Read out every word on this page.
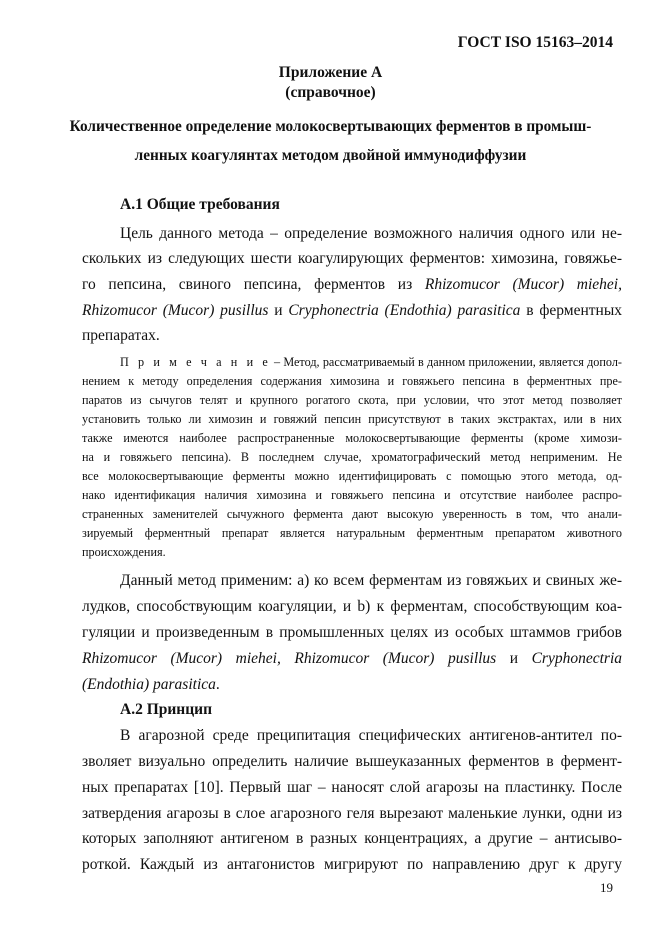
ГОСТ ISO 15163–2014
Приложение А
(справочное)
Количественное определение молокосвертывающих ферментов в промыш-
ленных коагулянтах методом двойной иммунодиффузии
А.1 Общие требования
Цель данного метода – определение возможного наличия одного или не-
скольких из следующих шести коагулирующих ферментов: химозина, говяжье-
го пепсина, свиного пепсина, ферментов из Rhizomucor (Mucor) miehei,
Rhizomucor (Mucor) pusillus и Cryphonectria (Endothia) parasitica в ферментных
препаратах.
П р и м е ч а н и е – Метод, рассматриваемый в данном приложении, является допол-
нением к методу определения содержания химозина и говяжьего пепсина в ферментных пре-
паратов из сычугов телят и крупного рогатого скота, при условии, что этот метод позволяет
установить только ли химозин и говяжий пепсин присутствуют в таких экстрактах, или в них
также имеются наиболее распространенные молокосвертывающие ферменты (кроме химози-
на и говяжьего пепсина). В последнем случае, хроматографический метод неприменим. Не
все молокосвертывающие ферменты можно идентифицировать с помощью этого метода, од-
нако идентификация наличия химозина и говяжьего пепсина и отсутствие наиболее распро-
страненных заменителей сычужного фермента дают высокую уверенность в том, что анали-
зируемый ферментный препарат является натуральным ферментным препаратом животного
происхождения.
Данный метод применим: а) ко всем ферментам из говяжьих и свиных же-
лудков, способствующим коагуляции, и b) к ферментам, способствующим коа-
гуляции и произведенным в промышленных целях из особых штаммов грибов
Rhizomucor (Mucor) miehei, Rhizomucor (Mucor) pusillus и Cryphonectria
(Endothia) parasitica.
А.2 Принцип
В агарозной среде преципитация специфических антигенов-антител по-
зволяет визуально определить наличие вышеуказанных ферментов в фермент-
ных препаратах [10]. Первый шаг – наносят слой агарозы на пластинку. После
затвердения агарозы в слое агарозного геля вырезают маленькие лунки, одни из
которых заполняют антигеном в разных концентрациях, а другие – антисыво-
роткой. Каждый из антагонистов мигрируют по направлению друг к другу
19
